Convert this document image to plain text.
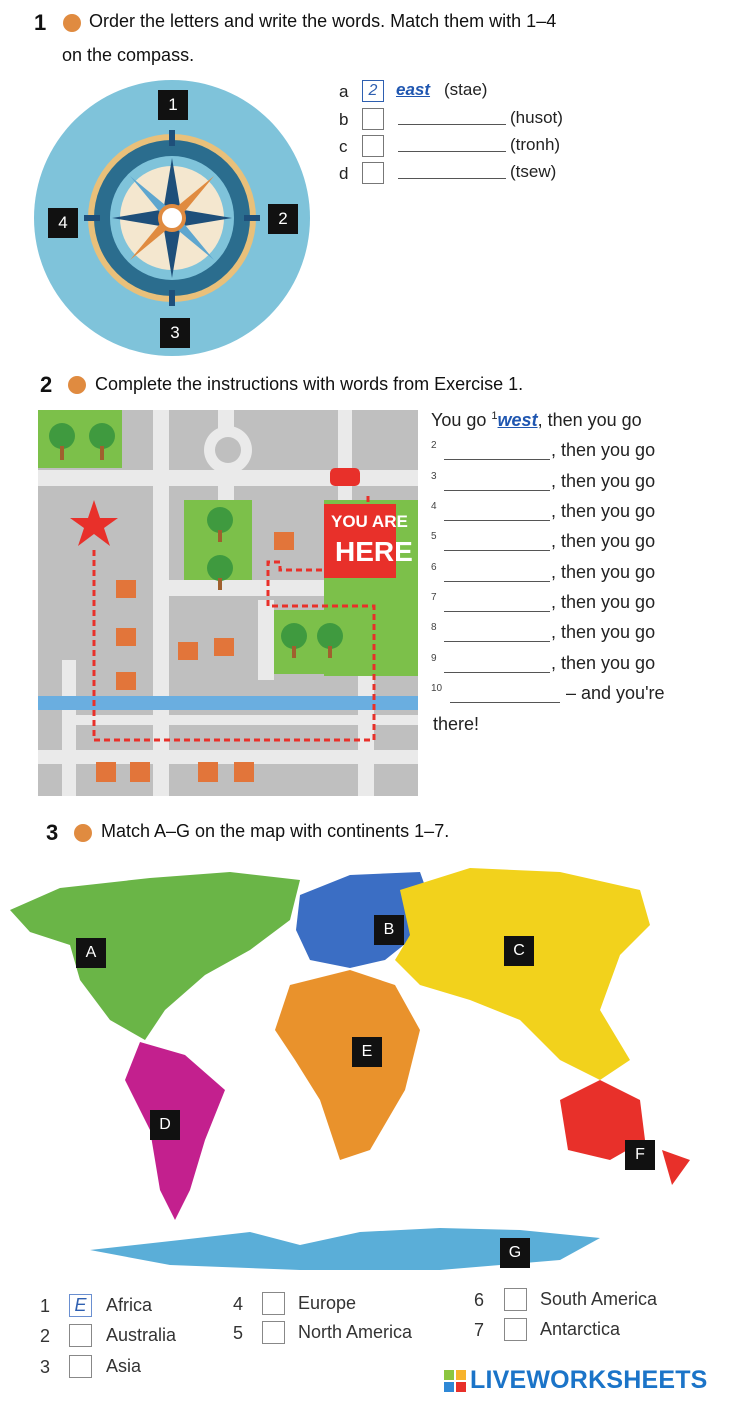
1 Order the letters and write the words. Match them with 1–4
on the compass.
1
2
3
4
a	2	east (stae)
b	(husot)
c	(tronh)
d	(tsew)
2 Complete the instructions with words from Exercise 1.
YOU ARE
HERE
You go $^1$west, then you go
2	, then you go
3	, then you go
4	, then you go
5	, then you go
6	, then you go
7	, then you go
8	, then you go
9	, then you go
10	– and you're
there!
3 Match A–G on the map with continents 1–7.
A
B
C
D
E
F
G
1	E	Africa
2	Australia
3	Asia
4	Europe
5	North America
6	South America
7	Antarctica
LIVEWORKSHEETS
